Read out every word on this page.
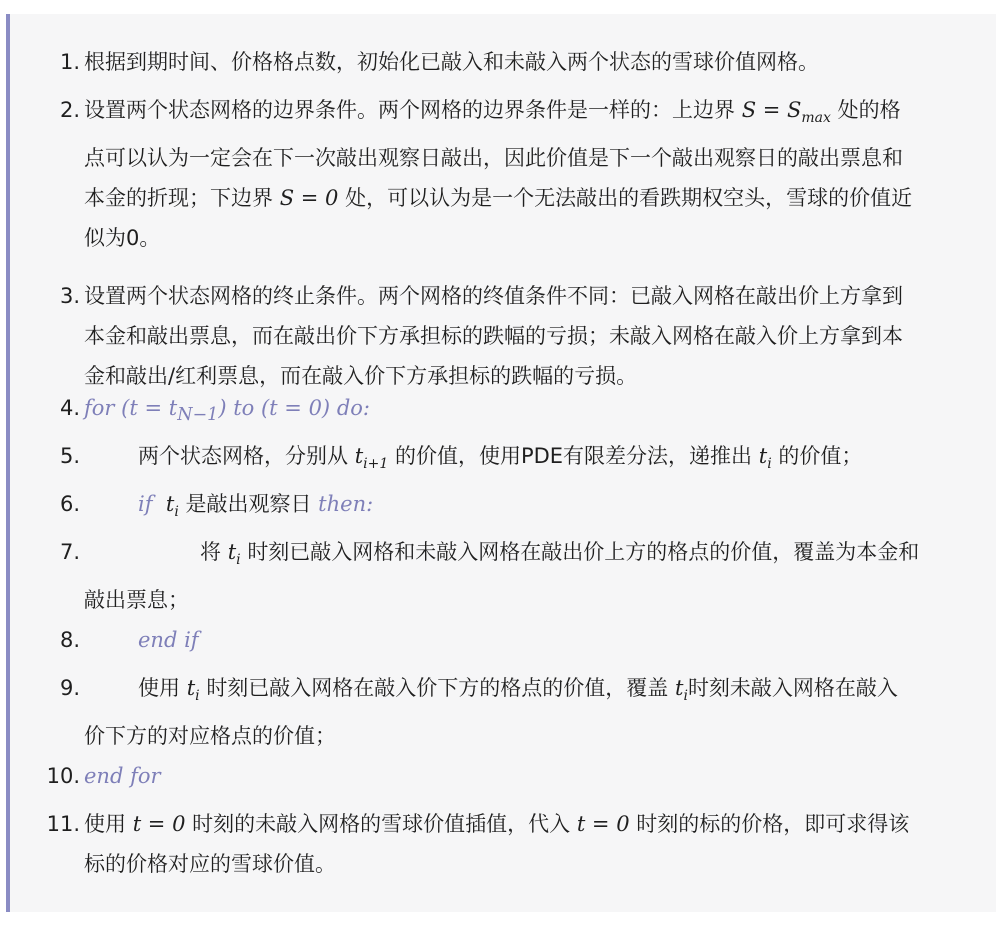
1. 根据到期时间、价格格点数，初始化已敲入和未敲入两个状态的雪球价值网格。
2. 设置两个状态网格的边界条件。两个网格的边界条件是一样的：上边界 $S = S_{max}$ 处的格
点可以认为一定会在下一次敲出观察日敲出，因此价值是下一个敲出观察日的敲出票息和
本金的折现；下边界 S = 0 处，可以认为是一个无法敲出的看跌期权空头，雪球的价值近
似为0。
3. 设置两个状态网格的终止条件。两个网格的终值条件不同：已敲入网格在敲出价上方拿到
本金和敲出票息，而在敲出价下方承担标的跌幅的亏损；未敲入网格在敲入价上方拿到本
金和敲出/红利票息，而在敲入价下方承担标的跌幅的亏损。
4. for $(t = t_{N-1})$ to (t = 0) do:
5.	两个状态网格，分别从 $t_{i+1}$ 的价值，使用PDE有限差分法，递推出 $t_i$ 的价值；
6.	if $t_i$ 是敲出观察日 then:
7.	将 $t_i$ 时刻已敲入网格和未敲入网格在敲出价上方的格点的价值，覆盖为本金和
敲出票息；
8.	end if
9.	使用 $t_i$ 时刻已敲入网格在敲入价下方的格点的价值，覆盖 $t_i$时刻未敲入网格在敲入
价下方的对应格点的价值；
10. end for
11. 使用 t = 0 时刻的未敲入网格的雪球价值插值，代入 t = 0 时刻的标的价格，即可求得该
标的价格对应的雪球价值。
